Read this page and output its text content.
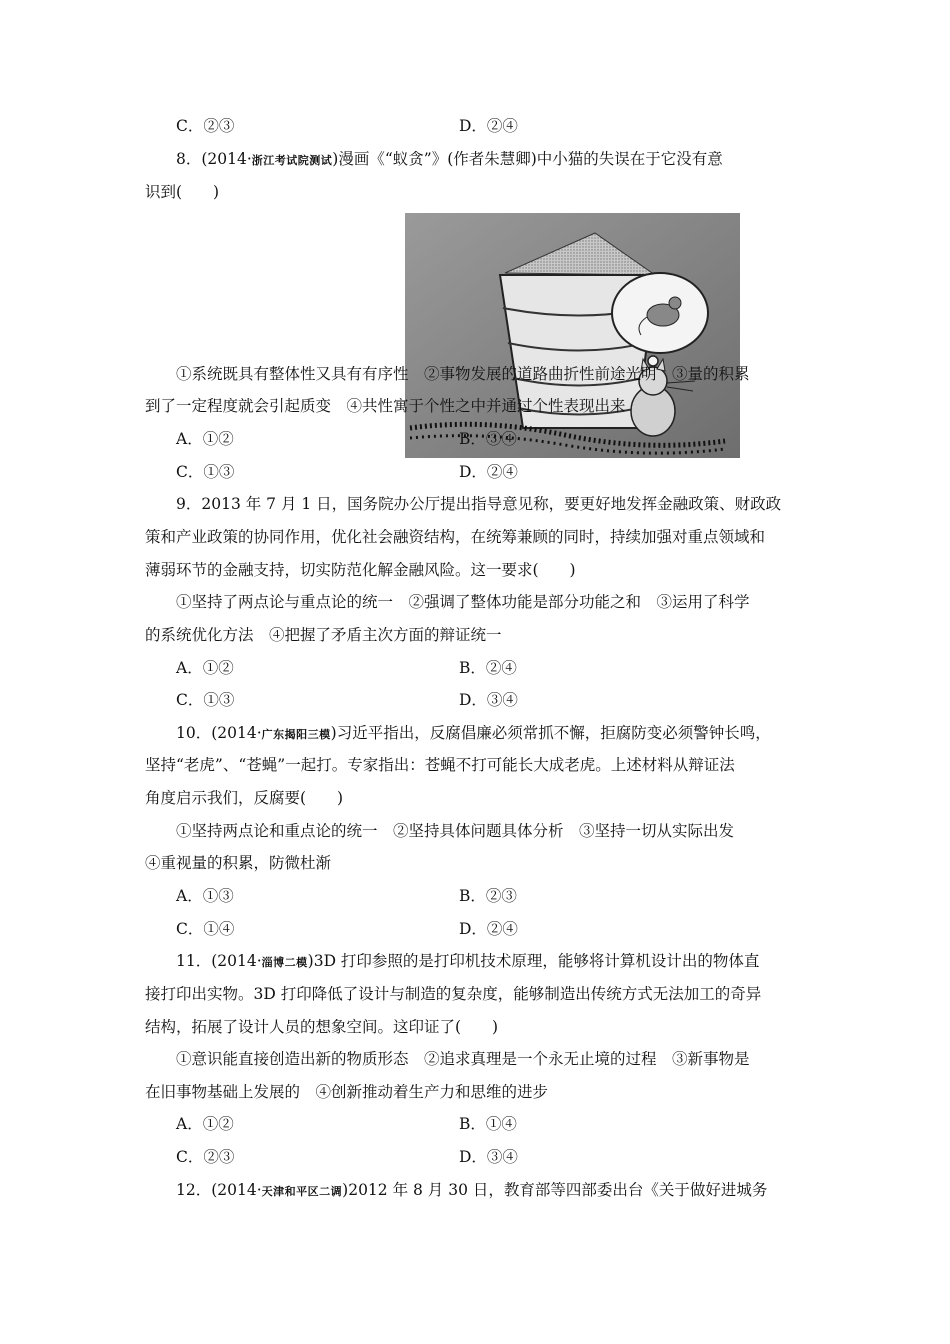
C．②③	D．②④
8．(2014·浙江考试院测试)漫画《“蚁贪”》(作者朱慧卿)中小猫的失误在于它没有意
识到(　　)
①系统既具有整体性又具有有序性　②事物发展的道路曲折性前途光明　③量的积累
到了一定程度就会引起质变　④共性寓于个性之中并通过个性表现出来
A．①②	B．③④
C．①③	D．②④
9．2013 年 7 月 1 日，国务院办公厅提出指导意见称，要更好地发挥金融政策、财政政
策和产业政策的协同作用，优化社会融资结构，在统筹兼顾的同时，持续加强对重点领域和
薄弱环节的金融支持，切实防范化解金融风险。这一要求(　　)
①坚持了两点论与重点论的统一　②强调了整体功能是部分功能之和　③运用了科学
的系统优化方法　④把握了矛盾主次方面的辩证统一
A．①②	B．②④
C．①③	D．③④
10．(2014·广东揭阳三模)习近平指出，反腐倡廉必须常抓不懈，拒腐防变必须警钟长鸣，
坚持“老虎”、“苍蝇”一起打。专家指出：苍蝇不打可能长大成老虎。上述材料从辩证法
角度启示我们，反腐要(　　)
①坚持两点论和重点论的统一　②坚持具体问题具体分析　③坚持一切从实际出发
④重视量的积累，防微杜渐
A．①③	B．②③
C．①④	D．②④
11．(2014·淄博二模)3D 打印参照的是打印机技术原理，能够将计算机设计出的物体直
接打印出实物。3D 打印降低了设计与制造的复杂度，能够制造出传统方式无法加工的奇异
结构，拓展了设计人员的想象空间。这印证了(　　)
①意识能直接创造出新的物质形态　②追求真理是一个永无止境的过程　③新事物是
在旧事物基础上发展的　④创新推动着生产力和思维的进步
A．①②	B．①④
C．②③	D．③④
12．(2014·天津和平区二调)2012 年 8 月 30 日，教育部等四部委出台《关于做好进城务
